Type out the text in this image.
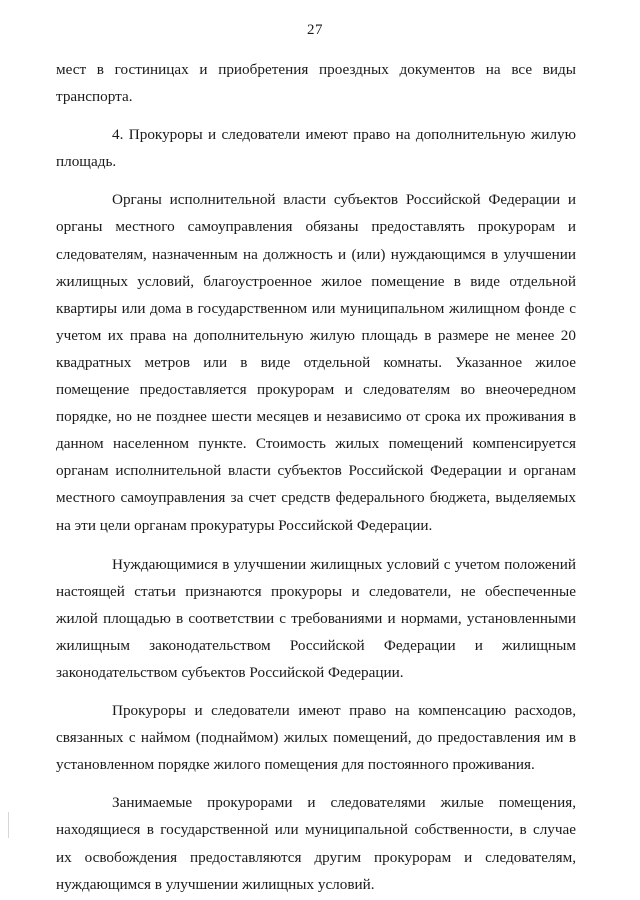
27

мест в гостиницах и приобретения проездных документов на все виды транспорта.

4. Прокуроры и следователи имеют право на дополнительную жилую площадь.

Органы исполнительной власти субъектов Российской Федерации и органы местного самоуправления обязаны предоставлять прокурорам и следователям, назначенным на должность и (или) нуждающимся в улучшении жилищных условий, благоустроенное жилое помещение в виде отдельной квартиры или дома в государственном или муниципальном жилищном фонде с учетом их права на дополнительную жилую площадь в размере не менее 20 квадратных метров или в виде отдельной комнаты. Указанное жилое помещение предоставляется прокурорам и следователям во внеочередном порядке, но не позднее шести месяцев и независимо от срока их проживания в данном населенном пункте. Стоимость жилых помещений компенсируется органам исполнительной власти субъектов Российской Федерации и органам местного самоуправления за счет средств федерального бюджета, выделяемых на эти цели органам прокуратуры Российской Федерации.

Нуждающимися в улучшении жилищных условий с учетом положений настоящей статьи признаются прокуроры и следователи, не обеспеченные жилой площадью в соответствии с требованиями и нормами, установленными жилищным законодательством Российской Федерации и жилищным законодательством субъектов Российской Федерации.

Прокуроры и следователи имеют право на компенсацию расходов, связанных с наймом (поднаймом) жилых помещений, до предоставления им в установленном порядке жилого помещения для постоянного проживания.

Занимаемые прокурорами и следователями жилые помещения, находящиеся в государственной или муниципальной собственности, в случае их освобождения предоставляются другим прокурорам и следователям, нуждающимся в улучшении жилищных условий.
